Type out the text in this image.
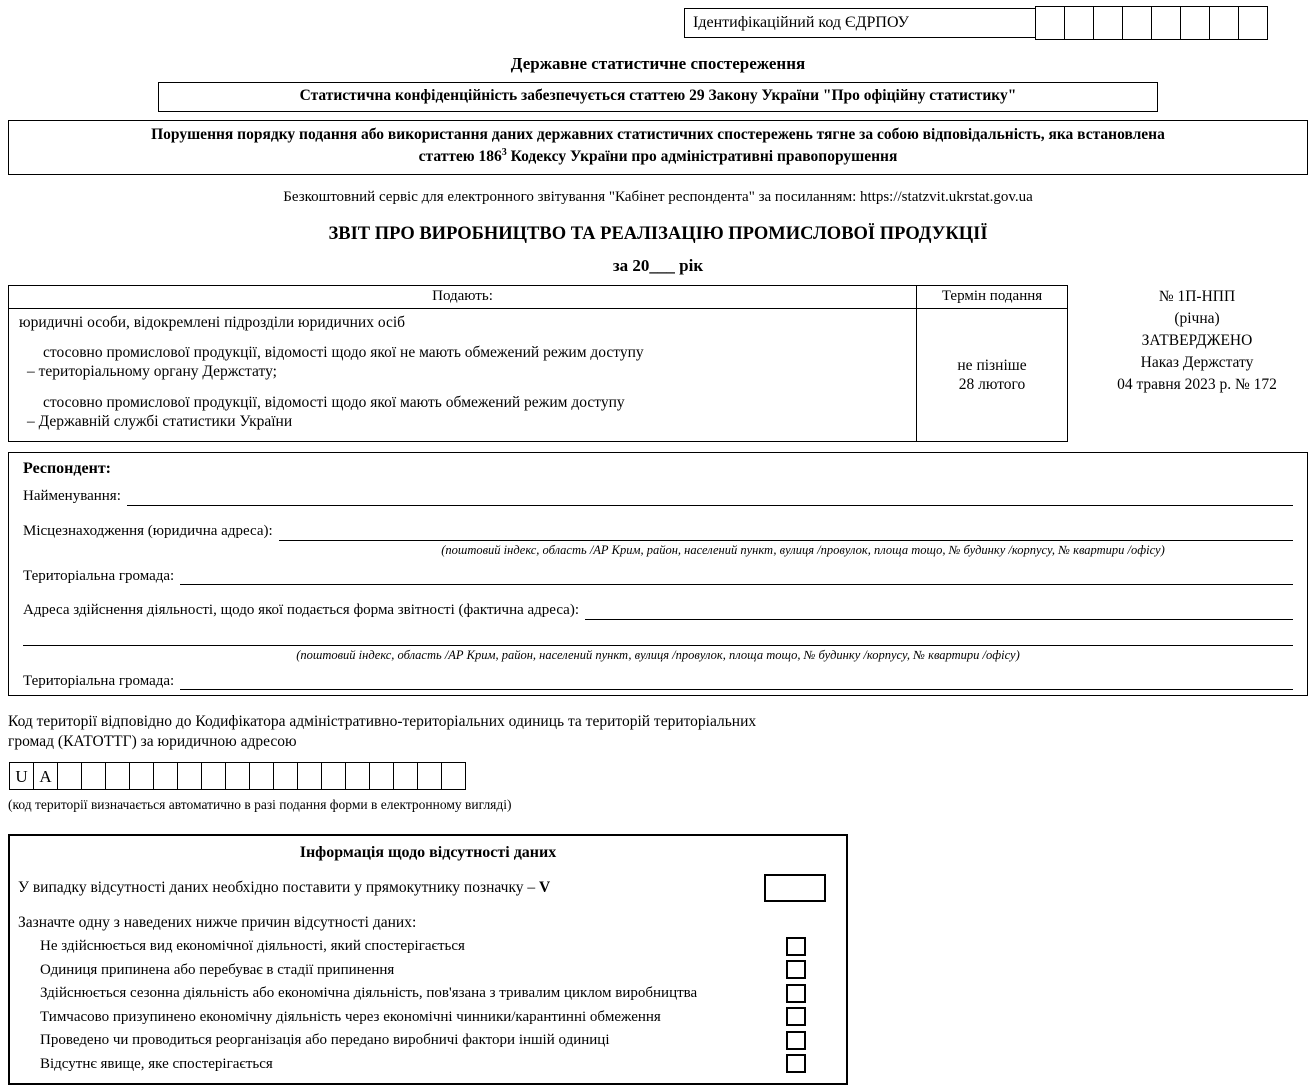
Ідентифікаційний код ЄДРПОУ
Державне статистичне спостереження
Статистична конфіденційність забезпечується статтею 29 Закону України "Про офіційну статистику"
Порушення порядку подання або використання даних державних статистичних спостережень тягне за собою відповідальність, яка встановлена
статтею $186^3$ Кодексу України про адміністративні правопорушення
Безкоштовний сервіс для електронного звітування "Кабінет респондента" за посиланням: https://statzvit.ukrstat.gov.ua
ЗВІТ ПРО ВИРОБНИЦТВО ТА РЕАЛІЗАЦІЮ ПРОМИСЛОВОЇ ПРОДУКЦІЇ
за 20___ рік
Подають:	Термін подання
юридичні особи, відокремлені підрозділи юридичних осіб
стосовно промислової продукції, відомості щодо якої не мають обмежений режим доступу
– територіальному органу Держстату;
стосовно промислової продукції, відомості щодо якої мають обмежений режим доступу
– Державній службі статистики України
не пізніше
28 лютого
№ 1П-НПП
(річна)
ЗАТВЕРДЖЕНО
Наказ Держстату
04 травня 2023 р. № 172
Респондент:
Найменування:
Місцезнаходження (юридична адреса):
(поштовий індекс, область /АР Крим, район, населений пункт, вулиця /провулок, площа тощо, № будинку /корпусу, № квартири /офісу)
Територіальна громада:
Адреса здійснення діяльності, щодо якої подається форма звітності (фактична адреса):
(поштовий індекс, область /АР Крим, район, населений пункт, вулиця /провулок, площа тощо, № будинку /корпусу, № квартири /офісу)
Територіальна громада:
Код території відповідно до Кодифікатора адміністративно-територіальних одиниць та територій територіальних
громад (КАТОТТГ) за юридичною адресою
U A
(код території визначається автоматично в разі подання форми в електронному вигляді)
Інформація щодо відсутності даних
У випадку відсутності даних необхідно поставити у прямокутнику позначку – V
Зазначте одну з наведених нижче причин відсутності даних:
Не здійснюється вид економічної діяльності, який спостерігається
Одиниця припинена або перебуває в стадії припинення
Здійснюється сезонна діяльність або економічна діяльність, пов'язана з тривалим циклом виробництва
Тимчасово призупинено економічну діяльність через економічні чинники/карантинні обмеження
Проведено чи проводиться реорганізація або передано виробничі фактори іншій одиниці
Відсутнє явище, яке спостерігається
